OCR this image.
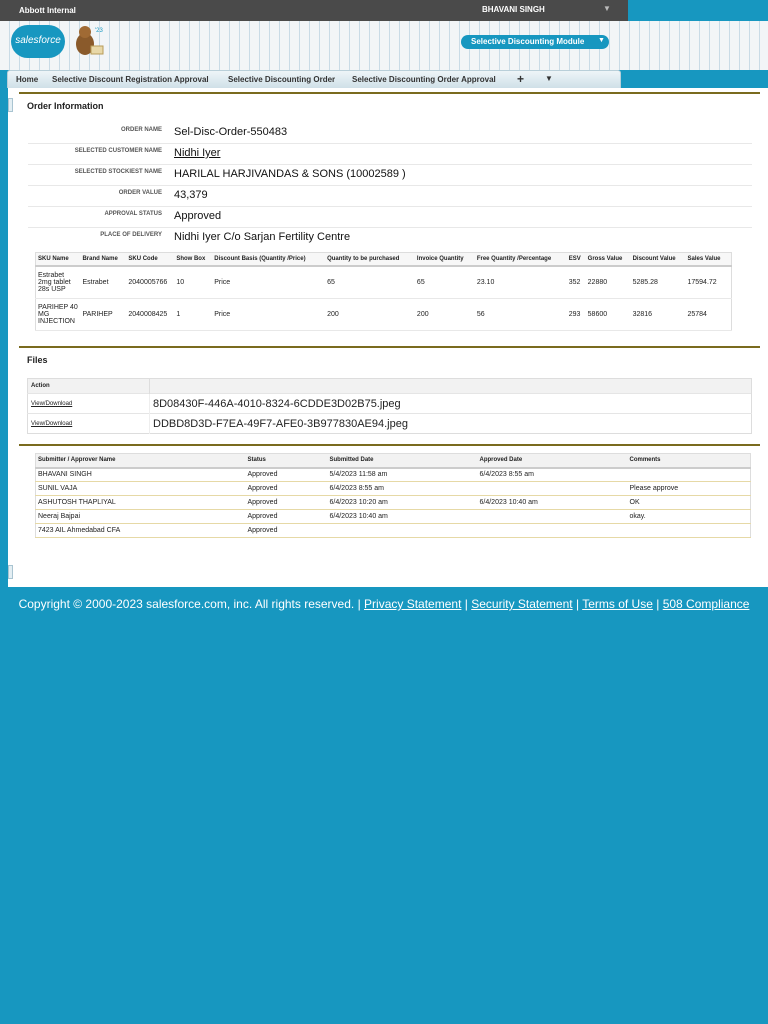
Abbott Internal	BHAVANI SINGH	▼
salesforce
'23
Selective Discounting Module ▼
Home Selective Discount Registration Approval Selective Discounting Order Selective Discounting Order Approval +	▼
Order Information
ORDER NAME Sel-Disc-Order-550483
SELECTED CUSTOMER NAME Nidhi Iyer
SELECTED STOCKIEST NAME HARILAL HARJIVANDAS & SONS (10002589 )
ORDER VALUE 43,379
APPROVAL STATUS Approved
PLACE OF DELIVERY Nidhi Iyer C/o Sarjan Fertility Centre
SKU Name	Brand Name	SKU Code	Show Box	Discount Basis (Quantity /Price)	Quantity to be purchased	Invoice Quantity	Free Quantity /Percentage	ESV	Gross Value	Discount Value	Sales Value
Estrabet 2mg tablet 28s USP	Estrabet	2040005766	10	Price	65	65	23.10	352	22880	5285.28	17594.72
PARIHEP 40 MG INJECTION	PARIHEP	2040008425	1	Price	200	200	56	293	58600	32816	25784
Files
Action	
View/Download	8D08430F-446A-4010-8324-6CDDE3D02B75.jpeg
View/Download	DDBD8D3D-F7EA-49F7-AFE0-3B977830AE94.jpeg
Submitter / Approver Name	Status	Submitted Date	Approved Date	Comments
BHAVANI SINGH	Approved	5/4/2023 11:58 am	6/4/2023 8:55 am	
SUNIL VAJA	Approved	6/4/2023 8:55 am		Please approve
ASHUTOSH THAPLIYAL	Approved	6/4/2023 10:20 am	6/4/2023 10:40 am	OK
Neeraj Bajpai	Approved	6/4/2023 10:40 am		okay.
7423 AIL Ahmedabad CFA	Approved			
Copyright © 2000-2023 salesforce.com, inc. All rights reserved. | Privacy Statement | Security Statement | Terms of Use | 508 Compliance
